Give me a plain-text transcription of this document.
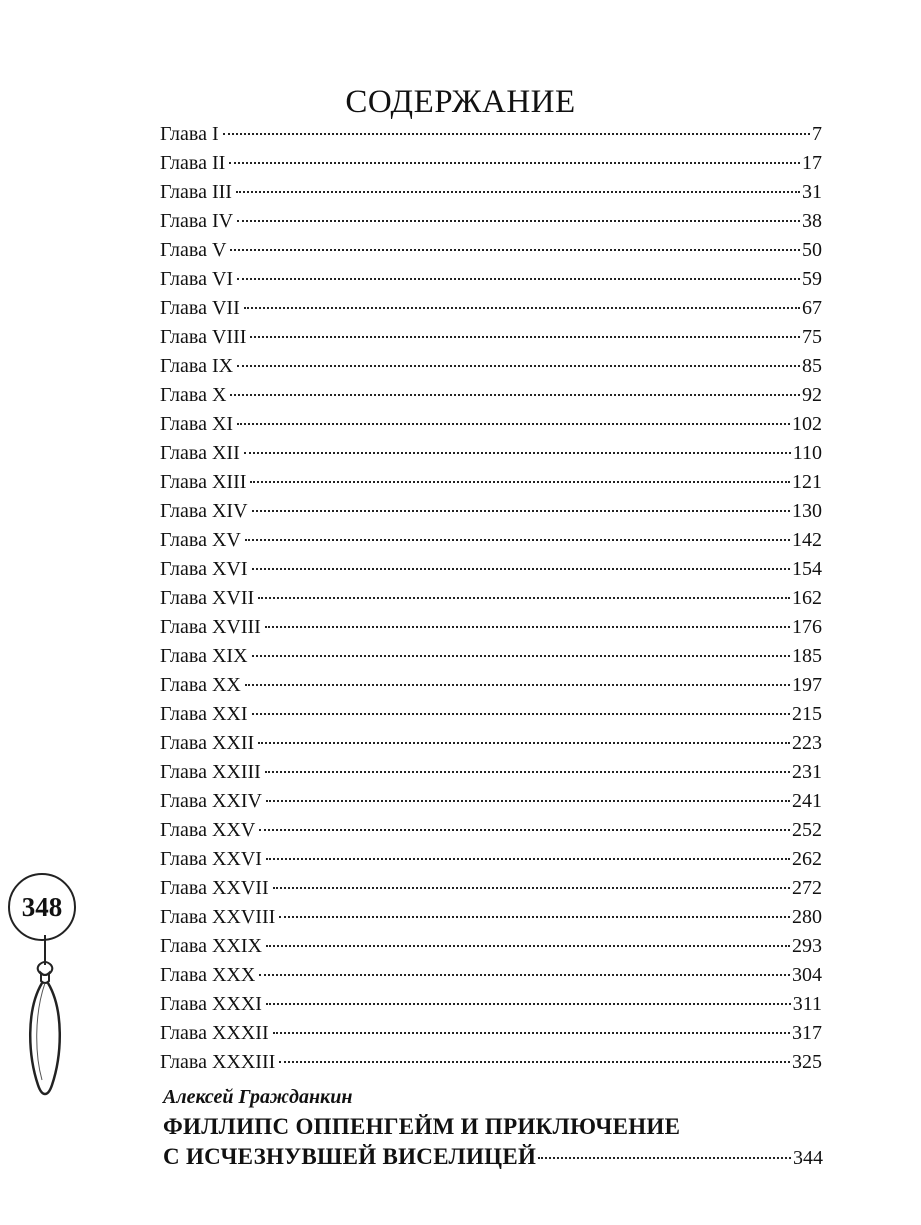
СОДЕРЖАНИЕ
Глава I	7
Глава II	17
Глава III	31
Глава IV	38
Глава V	50
Глава VI	59
Глава VII	67
Глава VIII	75
Глава IX	85
Глава X	92
Глава XI	102
Глава XII	110
Глава XIII	121
Глава XIV	130
Глава XV	142
Глава XVI	154
Глава XVII	162
Глава XVIII	176
Глава XIX	185
Глава XX	197
Глава XXI	215
Глава XXII	223
Глава XXIII	231
Глава XXIV	241
Глава XXV	252
Глава XXVI	262
Глава XXVII	272
Глава XXVIII	280
Глава XXIX	293
Глава XXX	304
Глава XXXI	311
Глава XXXII	317
Глава XXXIII	325
Алексей Гражданкин
ФИЛЛИПС ОППЕНГЕЙМ И ПРИКЛЮЧЕНИЕ
С ИСЧЕЗНУВШЕЙ ВИСЕЛИЦЕЙ	344
348
